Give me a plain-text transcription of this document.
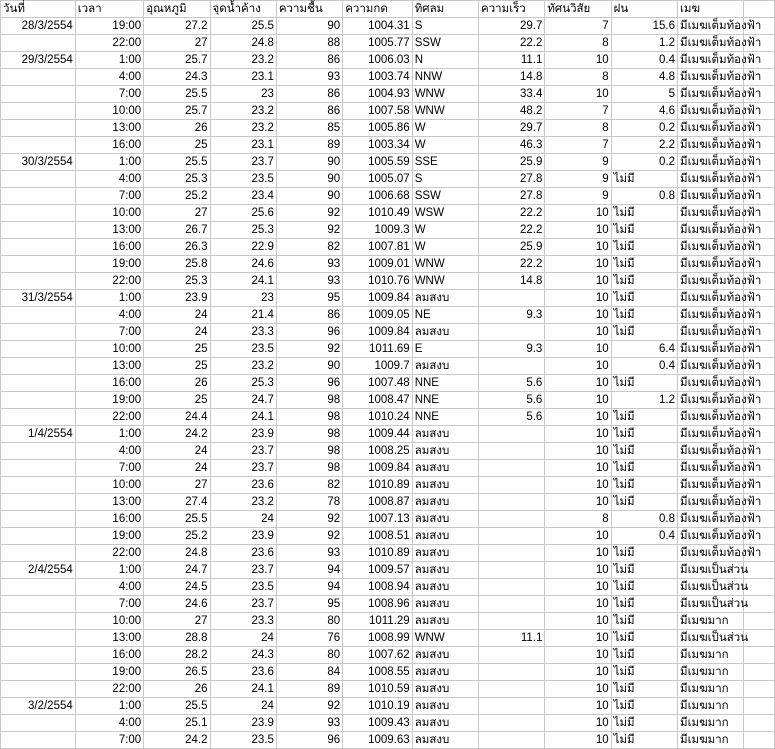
วันที่	เวลา	อุณหภูมิ	จุดน้ำค้าง	ความชื้น	ความกด	ทิศลม	ความเร็ว	ทัศนวิสัย	ฝน	เมฆ	
28/3/2554	19:00	27.2	25.5	90	1004.31	S	29.7	7	15.6	มีเมฆเต็มท้องฟ้า	
	22:00	27	24.8	88	1005.77	SSW	22.2	8	1.2	มีเมฆเต็มท้องฟ้า	
29/3/2554	1:00	25.7	23.2	86	1006.03	N	11.1	10	0.4	มีเมฆเต็มท้องฟ้า	
	4:00	24.3	23.1	93	1003.74	NNW	14.8	8	4.8	มีเมฆเต็มท้องฟ้า	
	7:00	25.5	23	86	1004.93	WNW	33.4	10	5	มีเมฆเต็มท้องฟ้า	
	10:00	25.7	23.2	86	1007.58	WNW	48.2	7	4.6	มีเมฆเต็มท้องฟ้า	
	13:00	26	23.2	85	1005.86	W	29.7	8	0.2	มีเมฆเต็มท้องฟ้า	
	16:00	25	23.1	89	1003.34	W	46.3	7	2.2	มีเมฆเต็มท้องฟ้า	
30/3/2554	1:00	25.5	23.7	90	1005.59	SSE	25.9	9	0.2	มีเมฆเต็มท้องฟ้า	
	4:00	25.3	23.5	90	1005.07	S	27.8	9	ไม่มี	มีเมฆเต็มท้องฟ้า	
	7:00	25.2	23.4	90	1006.68	SSW	27.8	9	0.8	มีเมฆเต็มท้องฟ้า	
	10:00	27	25.6	92	1010.49	WSW	22.2	10	ไม่มี	มีเมฆเต็มท้องฟ้า	
	13:00	26.7	25.3	92	1009.3	W	22.2	10	ไม่มี	มีเมฆเต็มท้องฟ้า	
	16:00	26.3	22.9	82	1007.81	W	25.9	10	ไม่มี	มีเมฆเต็มท้องฟ้า	
	19:00	25.8	24.6	93	1009.01	WNW	22.2	10	ไม่มี	มีเมฆเต็มท้องฟ้า	
	22:00	25.3	24.1	93	1010.76	WNW	14.8	10	ไม่มี	มีเมฆเต็มท้องฟ้า	
31/3/2554	1:00	23.9	23	95	1009.84	ลมสงบ		10	ไม่มี	มีเมฆเต็มท้องฟ้า	
	4:00	24	21.4	86	1009.05	NE	9.3	10	ไม่มี	มีเมฆเต็มท้องฟ้า	
	7:00	24	23.3	96	1009.84	ลมสงบ		10	ไม่มี	มีเมฆเต็มท้องฟ้า	
	10:00	25	23.5	92	1011.69	E	9.3	10	6.4	มีเมฆเต็มท้องฟ้า	
	13:00	25	23.2	90	1009.7	ลมสงบ		10	0.4	มีเมฆเต็มท้องฟ้า	
	16:00	26	25.3	96	1007.48	NNE	5.6	10	ไม่มี	มีเมฆเต็มท้องฟ้า	
	19:00	25	24.7	98	1008.47	NNE	5.6	10	1.2	มีเมฆเต็มท้องฟ้า	
	22:00	24.4	24.1	98	1010.24	NNE	5.6	10	ไม่มี	มีเมฆเต็มท้องฟ้า	
1/4/2554	1:00	24.2	23.9	98	1009.44	ลมสงบ		10	ไม่มี	มีเมฆเต็มท้องฟ้า	
	4:00	24	23.7	98	1008.25	ลมสงบ		10	ไม่มี	มีเมฆเต็มท้องฟ้า	
	7:00	24	23.7	98	1009.84	ลมสงบ		10	ไม่มี	มีเมฆเต็มท้องฟ้า	
	10:00	27	23.6	82	1010.89	ลมสงบ		10	ไม่มี	มีเมฆเต็มท้องฟ้า	
	13:00	27.4	23.2	78	1008.87	ลมสงบ		10	ไม่มี	มีเมฆเต็มท้องฟ้า	
	16:00	25.5	24	92	1007.13	ลมสงบ		8	0.8	มีเมฆเต็มท้องฟ้า	
	19:00	25.2	23.9	92	1008.51	ลมสงบ		10	0.4	มีเมฆเต็มท้องฟ้า	
	22:00	24.8	23.6	93	1010.89	ลมสงบ		10	ไม่มี	มีเมฆเต็มท้องฟ้า	
2/4/2554	1:00	24.7	23.7	94	1009.57	ลมสงบ		10	ไม่มี	มีเมฆเป็นส่วน	
	4:00	24.5	23.5	94	1008.94	ลมสงบ		10	ไม่มี	มีเมฆเป็นส่วน	
	7:00	24.6	23.7	95	1008.96	ลมสงบ		10	ไม่มี	มีเมฆเป็นส่วน	
	10:00	27	23.3	80	1011.29	ลมสงบ		10	ไม่มี	มีเมฆมาก	
	13:00	28.8	24	76	1008.99	WNW	11.1	10	ไม่มี	มีเมฆเป็นส่วน	
	16:00	28.2	24.3	80	1007.62	ลมสงบ		10	ไม่มี	มีเมฆมาก	
	19:00	26.5	23.6	84	1008.55	ลมสงบ		10	ไม่มี	มีเมฆมาก	
	22:00	26	24.1	89	1010.59	ลมสงบ		10	ไม่มี	มีเมฆมาก	
3/2/2554	1:00	25.5	24	92	1010.19	ลมสงบ		10	ไม่มี	มีเมฆมาก	
	4:00	25.1	23.9	93	1009.43	ลมสงบ		10	ไม่มี	มีเมฆมาก	
	7:00	24.2	23.5	96	1009.63	ลมสงบ		10	ไม่มี	มีเมฆมาก	
